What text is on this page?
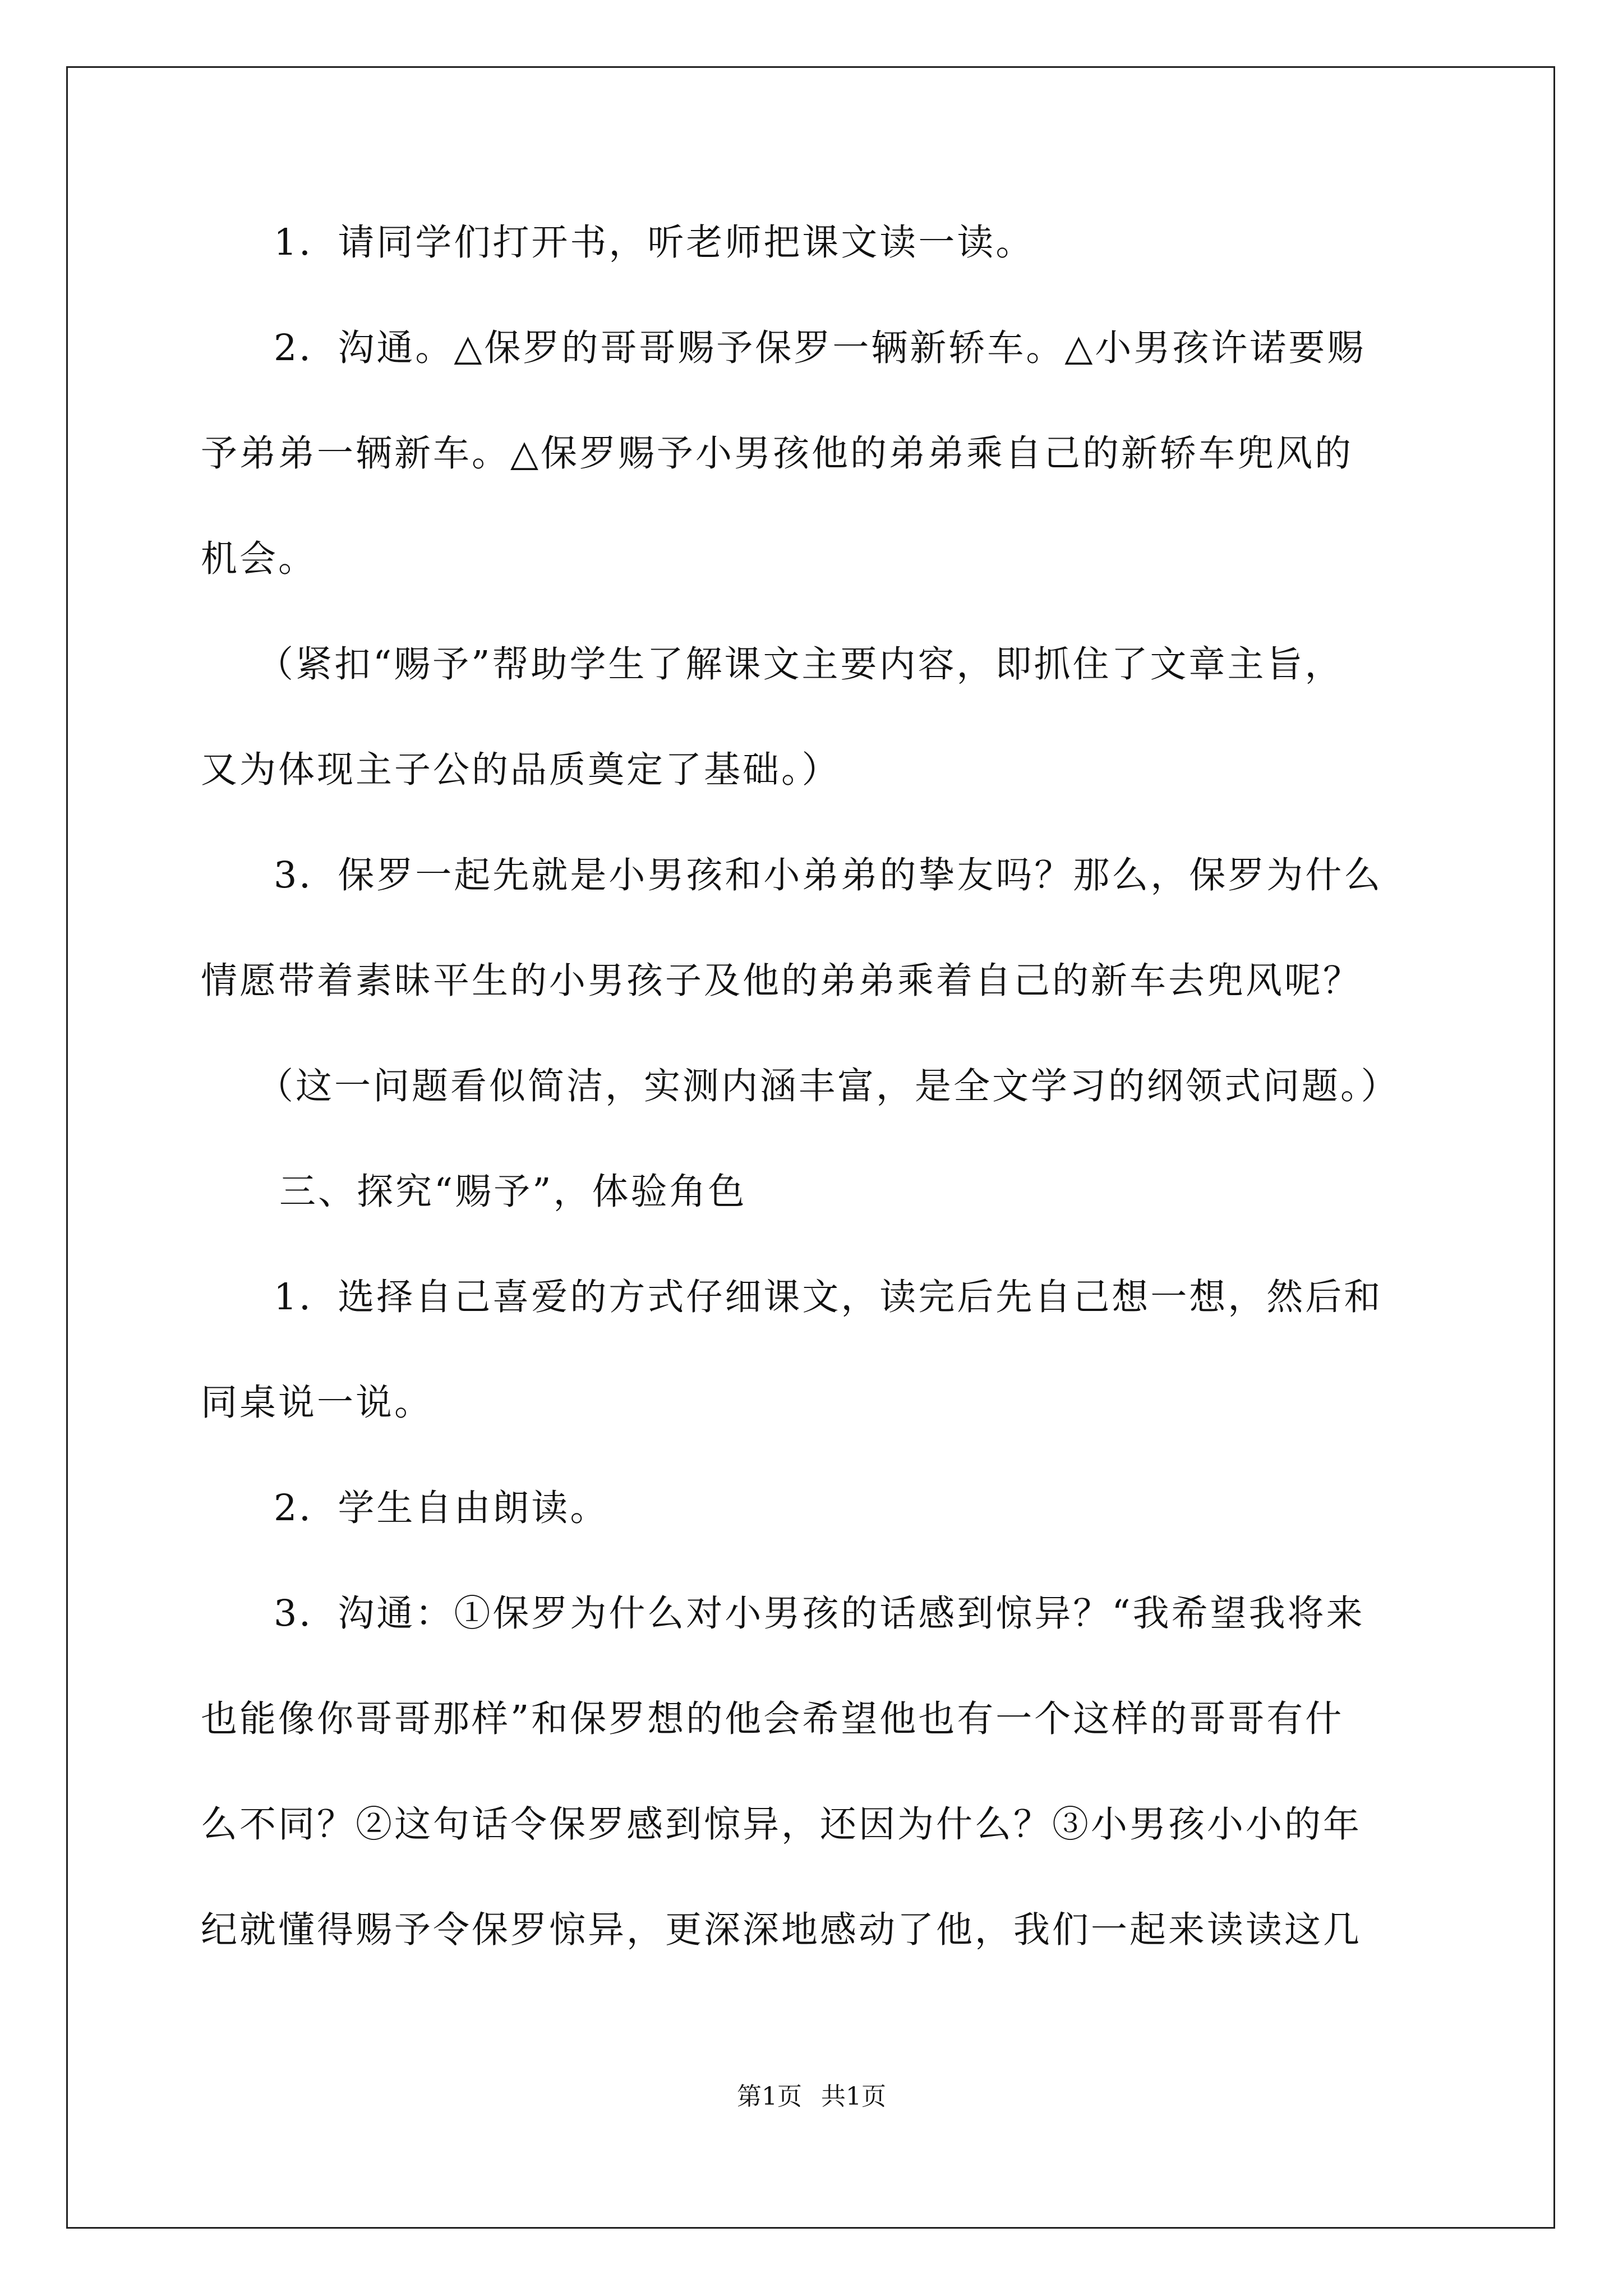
1．请同学们打开书，听老师把课文读一读。
2．沟通。△保罗的哥哥赐予保罗一辆新轿车。△小男孩许诺要赐
予弟弟一辆新车。△保罗赐予小男孩他的弟弟乘自己的新轿车兜风的
机会。
（紧扣“赐予”帮助学生了解课文主要内容，即抓住了文章主旨，
又为体现主子公的品质奠定了基础。）
3．保罗一起先就是小男孩和小弟弟的挚友吗？那么，保罗为什么
情愿带着素昧平生的小男孩子及他的弟弟乘着自己的新车去兜风呢？
（这一问题看似简洁，实测内涵丰富，是全文学习的纲领式问题。）
三、探究“赐予”，体验角色
1．选择自己喜爱的方式仔细课文，读完后先自己想一想，然后和
同桌说一说。
2．学生自由朗读。
3．沟通：①保罗为什么对小男孩的话感到惊异？“我希望我将来
也能像你哥哥那样”和保罗想的他会希望他也有一个这样的哥哥有什
么不同？②这句话令保罗感到惊异，还因为什么？③小男孩小小的年
纪就懂得赐予令保罗惊异，更深深地感动了他，我们一起来读读这几
第1页 共1页
